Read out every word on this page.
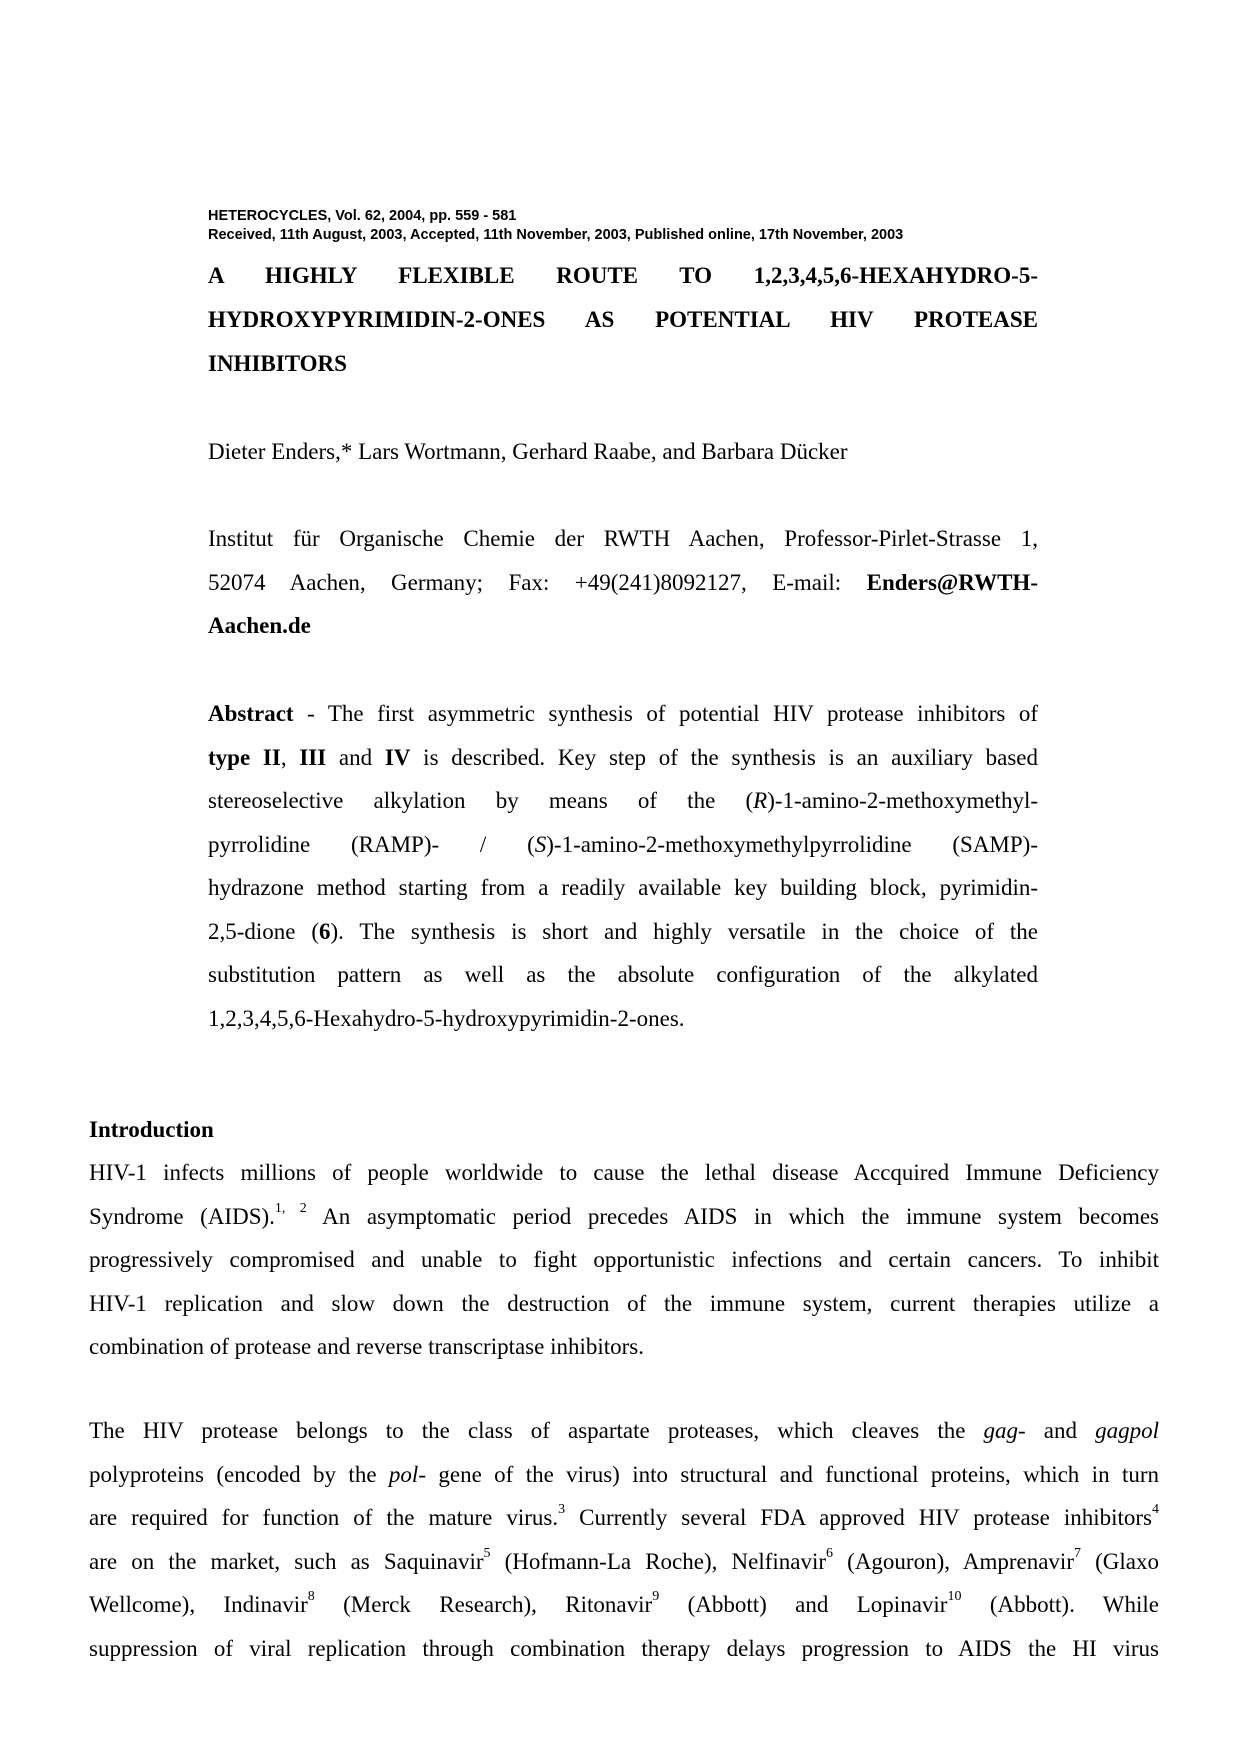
HETEROCYCLES, Vol. 62, 2004, pp. 559 - 581
Received, 11th August, 2003, Accepted, 11th November, 2003, Published online, 17th November, 2003
A HIGHLY FLEXIBLE ROUTE TO 1,2,3,4,5,6-HEXAHYDRO-5-
HYDROXYPYRIMIDIN-2-ONES AS POTENTIAL HIV PROTEASE
INHIBITORS
Dieter Enders,* Lars Wortmann, Gerhard Raabe, and Barbara Dücker
Institut für Organische Chemie der RWTH Aachen, Professor-Pirlet-Strasse 1,
52074 Aachen, Germany; Fax: +49(241)8092127, E-mail: Enders@RWTH-
Aachen.de
Abstract - The first asymmetric synthesis of potential HIV protease inhibitors of
type II, III and IV is described. Key step of the synthesis is an auxiliary based
stereoselective alkylation by means of the (R)-1-amino-2-methoxymethyl-
pyrrolidine (RAMP)- / (S)-1-amino-2-methoxymethylpyrrolidine (SAMP)-
hydrazone method starting from a readily available key building block, pyrimidin-
2,5-dione (6). The synthesis is short and highly versatile in the choice of the
substitution pattern as well as the absolute configuration of the alkylated
1,2,3,4,5,6-Hexahydro-5-hydroxypyrimidin-2-ones.
Introduction
HIV-1 infects millions of people worldwide to cause the lethal disease Accquired Immune Deficiency
Syndrome (AIDS).$^{1, 2}$ An asymptomatic period precedes AIDS in which the immune system becomes
progressively compromised and unable to fight opportunistic infections and certain cancers. To inhibit
HIV-1 replication and slow down the destruction of the immune system, current therapies utilize a
combination of protease and reverse transcriptase inhibitors.
The HIV protease belongs to the class of aspartate proteases, which cleaves the gag- and gagpol
polyproteins (encoded by the pol- gene of the virus) into structural and functional proteins, which in turn
are required for function of the mature virus.$^3$ Currently several FDA approved HIV protease inhibitors$^4$
are on the market, such as Saquinavir$^5$ (Hofmann-La Roche), Nelfinavir$^6$ (Agouron), Amprenavir$^7$ (Glaxo
Wellcome), Indinavir$^8$ (Merck Research), Ritonavir$^9$ (Abbott) and Lopinavir$^{10}$ (Abbott). While
suppression of viral replication through combination therapy delays progression to AIDS the HI virus
